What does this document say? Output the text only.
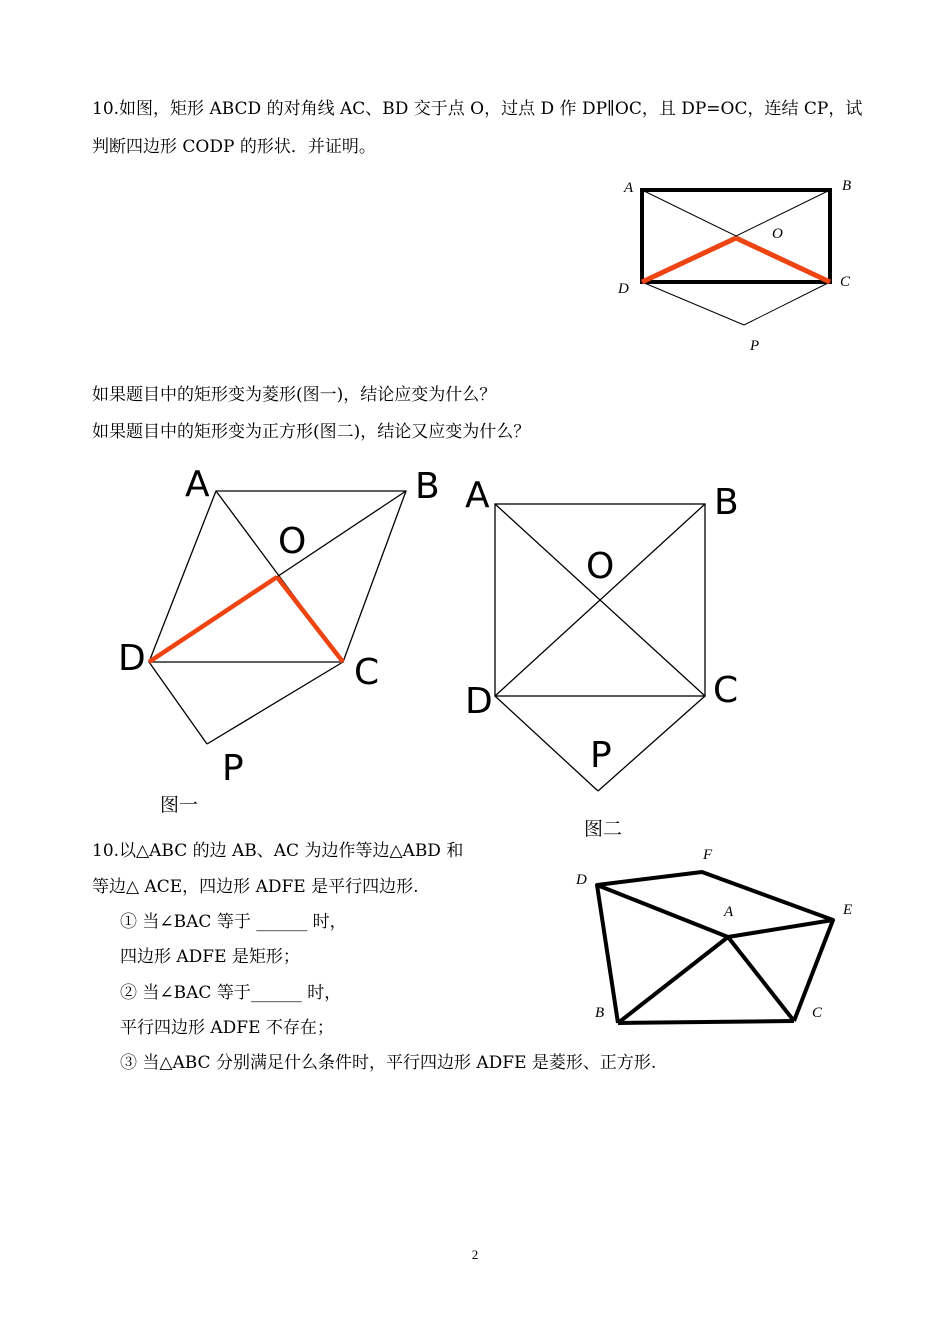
10.如图，矩形 ABCD 的对角线 AC、BD 交于点 O，过点 D 作 DP∥OC，且 DP=OC，连结 CP，试
判断四边形 CODP 的形状．并证明。
A	B
O
C
D
P
如果题目中的矩形变为菱形(图一)，结论应变为什么？
如果题目中的矩形变为正方形(图二)，结论又应变为什么？
A	B
O
C
D
P
图一
A	B
O
C
D
P
图二
10.以△ABC 的边 AB、AC 为边作等边△ABD 和
等边△ ACE，四边形 ADFE 是平行四边形.
① 当∠BAC 等于 ______ 时，
四边形 ADFE 是矩形；
② 当∠BAC 等于______ 时，
平行四边形 ADFE 不存在；
③ 当△ABC 分别满足什么条件时，平行四边形 ADFE 是菱形、正方形.
F
D
A	E
B	C
2
